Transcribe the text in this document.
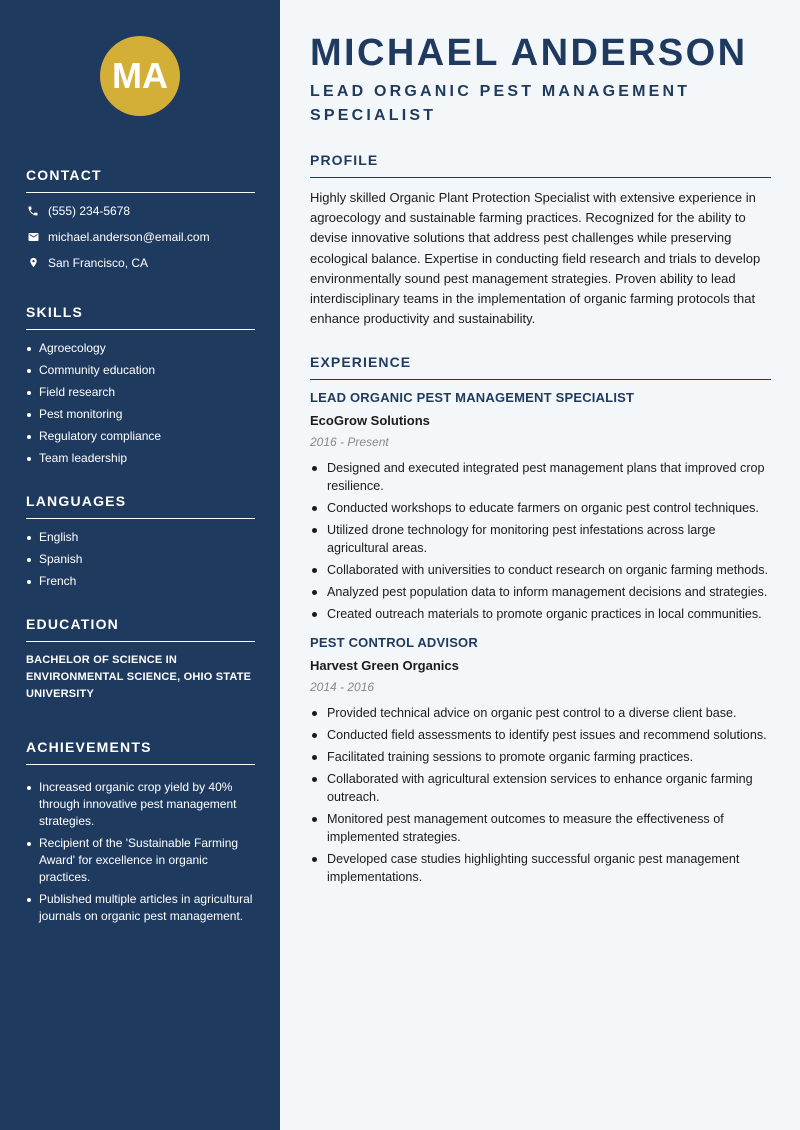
MA
CONTACT
(555) 234-5678
michael.anderson@email.com
San Francisco, CA
SKILLS
Agroecology
Community education
Field research
Pest monitoring
Regulatory compliance
Team leadership
LANGUAGES
English
Spanish
French
EDUCATION
BACHELOR OF SCIENCE IN ENVIRONMENTAL SCIENCE, OHIO STATE UNIVERSITY
ACHIEVEMENTS
Increased organic crop yield by 40% through innovative pest management strategies.
Recipient of the 'Sustainable Farming Award' for excellence in organic practices.
Published multiple articles in agricultural journals on organic pest management.
MICHAEL ANDERSON
LEAD ORGANIC PEST MANAGEMENT SPECIALIST
PROFILE

Highly skilled Organic Plant Protection Specialist with extensive experience in agroecology and sustainable farming practices. Recognized for the ability to devise innovative solutions that address pest challenges while preserving ecological balance. Expertise in conducting field research and trials to develop environmentally sound pest management strategies. Proven ability to lead interdisciplinary teams in the implementation of organic farming protocols that enhance productivity and sustainability.

EXPERIENCE
LEAD ORGANIC PEST MANAGEMENT SPECIALIST
EcoGrow Solutions
2016 - Present
Designed and executed integrated pest management plans that improved crop resilience.
Conducted workshops to educate farmers on organic pest control techniques.
Utilized drone technology for monitoring pest infestations across large agricultural areas.
Collaborated with universities to conduct research on organic farming methods.
Analyzed pest population data to inform management decisions and strategies.
Created outreach materials to promote organic practices in local communities.
PEST CONTROL ADVISOR
Harvest Green Organics
2014 - 2016
Provided technical advice on organic pest control to a diverse client base.
Conducted field assessments to identify pest issues and recommend solutions.
Facilitated training sessions to promote organic farming practices.
Collaborated with agricultural extension services to enhance organic farming outreach.
Monitored pest management outcomes to measure the effectiveness of implemented strategies.
Developed case studies highlighting successful organic pest management implementations.
